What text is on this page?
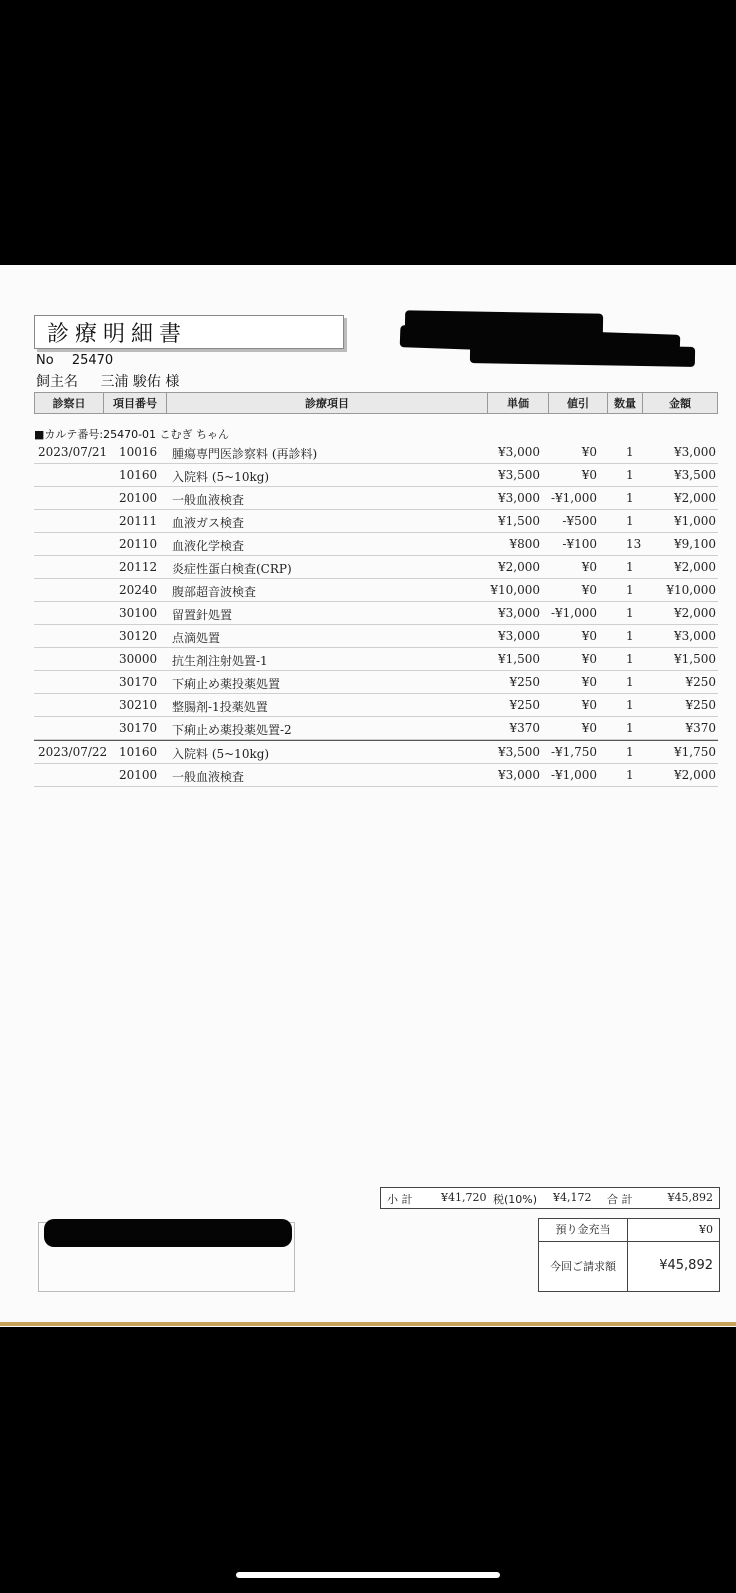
診療明細書
No 25470
飼主名 三浦 駿佑 様
診察日	項目番号	診療項目	単価	値引	数量	金額
■カルテ番号:25470-01 こむぎ ちゃん
2023/07/21 10016 腫瘍専門医診察料 (再診料)	¥3,000	¥0 1	¥3,000
10160 入院料 (5~10kg)	¥3,500	¥0 1	¥3,500
20100 一般血液検査	¥3,000 -¥1,000 1	¥2,000
20111 血液ガス検査	¥1,500 -¥500 1	¥1,000
20110 血液化学検査	¥800 -¥100 13	¥9,100
20112 炎症性蛋白検査(CRP)	¥2,000	¥0 1	¥2,000
20240 腹部超音波検査	¥10,000	¥0 1	¥10,000
30100 留置針処置	¥3,000 -¥1,000 1	¥2,000
30120 点滴処置	¥3,000	¥0 1	¥3,000
30000 抗生剤注射処置-1	¥1,500	¥0 1	¥1,500
30170 下痢止め薬投薬処置	¥250	¥0 1	¥250
30210 整腸剤-1投薬処置	¥250	¥0 1	¥250
30170 下痢止め薬投薬処置-2	¥370	¥0 1	¥370
2023/07/22 10160 入院料 (5~10kg)	¥3,500 -¥1,750 1	¥1,750
20100 一般血液検査	¥3,000 -¥1,000 1	¥2,000
小 計	¥41,720 税(10%) ¥4,172 合 計	¥45,892
預り金充当	¥0
今回ご請求額	¥45,892
